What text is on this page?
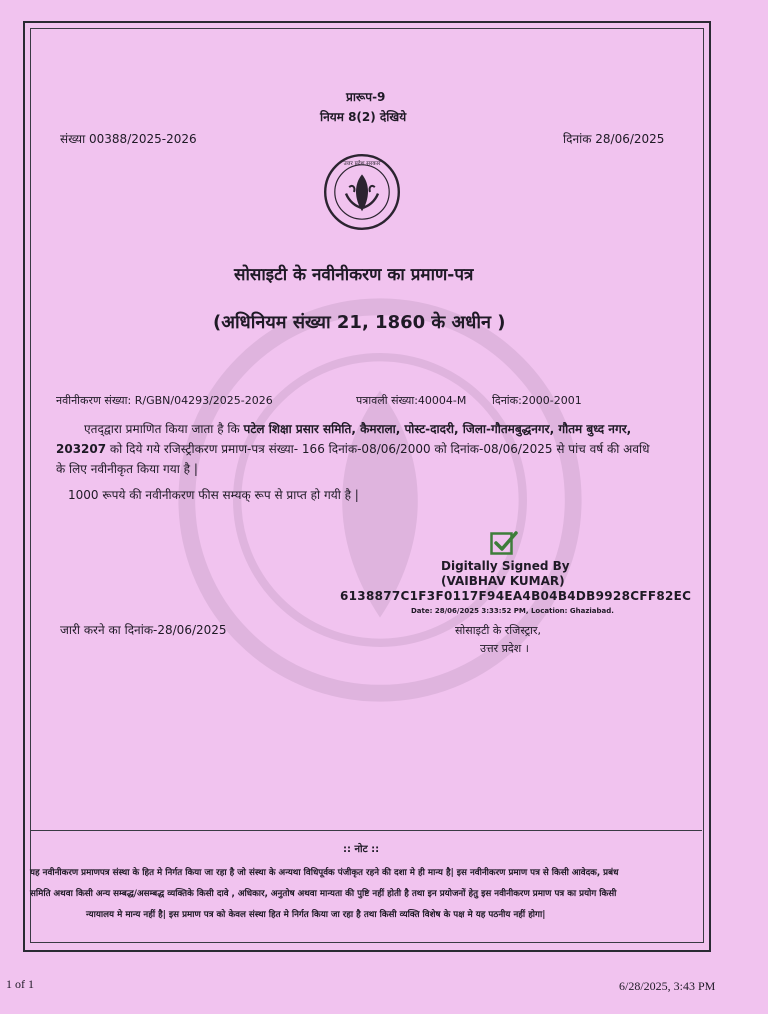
प्रारूप-9
नियम 8(2) देखिये
संख्या 00388/2025-2026	दिनांक 28/06/2025
उत्तर प्रदेश सरकार
सोसाइटी के नवीनीकरण का प्रमाण-पत्र
(अधिनियम संख्या 21, 1860 के अधीन )
नवीनीकरण संख्या: R/GBN/04293/2025-2026	पत्रावली संख्या:40004-M दिनांक:2000-2001
एतद्‌द्वारा प्रमाणित किया जाता है कि पटेल शिक्षा प्रसार समिति, कैमराला, पोस्ट-दादरी, जिला-गौतमबुद्धनगर, गौतम बुध्द नगर, 203207 को दिये गये रजिस्ट्रीकरण प्रमाण-पत्र संख्या- 166 दिनांक-08/06/2000 को दिनांक-08/06/2025 से पांच वर्ष की अवधि के लिए नवीनीकृत किया गया है |
1000 रूपये की नवीनीकरण फीस सम्यक्‌ रूप से प्राप्त हो गयी है |
Digitally Signed By
(VAIBHAV KUMAR)
6138877C1F3F0117F94EA4B04B4DB9928CFF82EC
Date: 28/06/2025 3:33:52 PM, Location: Ghaziabad.
जारी करने का दिनांक-28/06/2025	सोसाइटी के रजिस्ट्रार,
उत्तर प्रदेश ।
:: नोट ::
यह नवीनीकरण प्रमाणपत्र संस्था के हित मे निर्गत किया जा रहा है जो संस्था के अन्यथा विधिपूर्वक पंजीकृत रहने की दशा मे ही मान्य है| इस नवीनीकरण प्रमाण पत्र से किसी आवेदक, प्रबंध
समिति अथवा किसी अन्य सम्बद्ध/असम्बद्ध व्यक्तिके किसी दावे , अधिकार, अनुतोष अथवा मान्यता की पुष्टि नहीं होती है तथा इन प्रयोजनों हेतु इस नवीनीकरण प्रमाण पत्र का प्रयोग किसी
न्यायालय मे मान्य नहीं है| इस प्रमाण पत्र को केवल संस्था हित मे निर्गत किया जा रहा है तथा किसी व्यक्ति विशेष के पक्ष मे यह पठनीय नहीं होगा|
1 of 1	6/28/2025, 3:43 PM
